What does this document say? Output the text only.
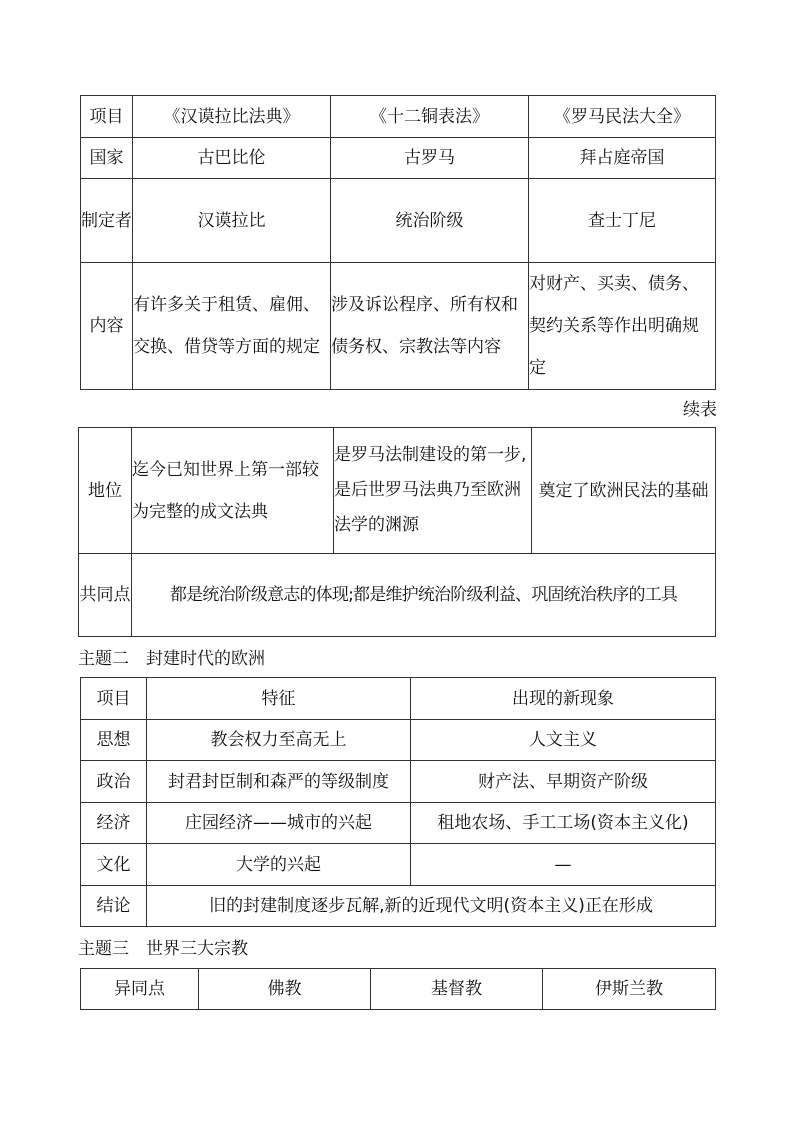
项目	《汉谟拉比法典》	《十二铜表法》	《罗马民法大全》
国家	古巴比伦	古罗马	拜占庭帝国
制定者	汉谟拉比	统治阶级	查士丁尼
内容	有许多关于租赁、雇佣、交换、借贷等方面的规定	涉及诉讼程序、所有权和债务权、宗教法等内容	对财产、买卖、债务、契约关系等作出明确规定
续表
地位	迄今已知世界上第一部较为完整的成文法典	是罗马法制建设的第一步,是后世罗马法典乃至欧洲法学的渊源	奠定了欧洲民法的基础
共同点	都是统治阶级意志的体现;都是维护统治阶级利益、巩固统治秩序的工具		
主题二　封建时代的欧洲
项目	特征	出现的新现象
思想	教会权力至高无上	人文主义
政治	封君封臣制和森严的等级制度	财产法、早期资产阶级
经济	庄园经济——城市的兴起	租地农场、手工工场(资本主义化)
文化	大学的兴起	—
结论	旧的封建制度逐步瓦解,新的近现代文明(资本主义)正在形成	
主题三　世界三大宗教
异同点	佛教	基督教	伊斯兰教
